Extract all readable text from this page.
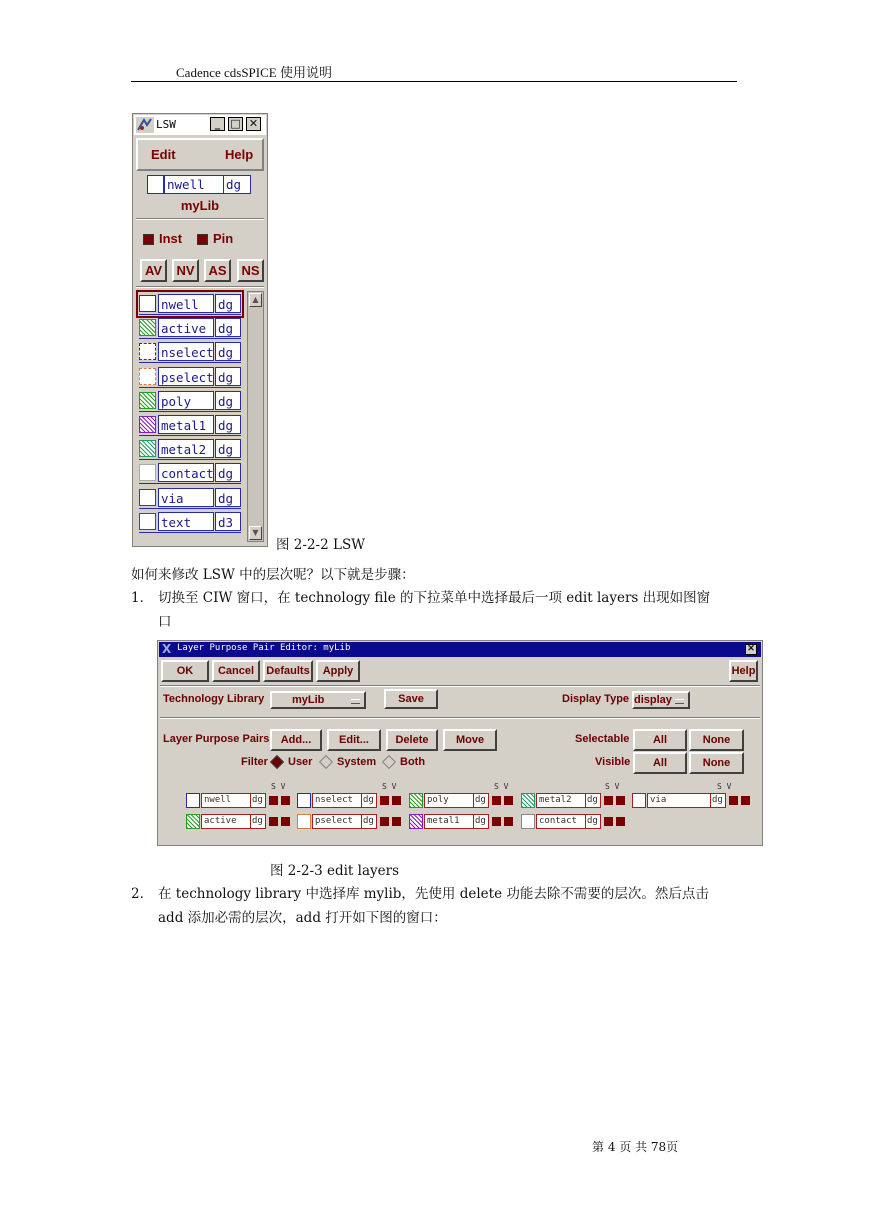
Cadence cdsSPICE 使用说明
LSW	_ □ ✕
Edit	Help
nwell dg
myLib
Inst	Pin
AV	NV	AS	NS
nwell dg
active dg
nselect dg
pselect dg
poly dg
metal1 dg
metal2 dg
contact dg
via	dg
text d3
▲
▼
图 2-2-2 LSW
如何来修改 LSW 中的层次呢？以下就是步骤：
1． 切换至 CIW 窗口，在 technology file 的下拉菜单中选择最后一项 edit layers 出现如图窗
口
X Layer Purpose Pair Editor: myLib	✕
OK	Cancel	Defaults	Apply	Help
Technology Library	myLib	Save	Display Type display
Layer Purpose Pairs	Add...	Edit...	Delete	Move	Selectable	All	None
Filter	User	System	Both	Visible	All	None
S V	S V	S V	S V	S V
nwell dg	nselect dg	poly	dg	metal2 dg	via	dg
active dg	pselect dg	metal1 dg	contact dg
图 2-2-3 edit layers
2． 在 technology library 中选择库 mylib，先使用 delete 功能去除不需要的层次。然后点击
add 添加必需的层次，add 打开如下图的窗口：
第 4 页 共 78页
